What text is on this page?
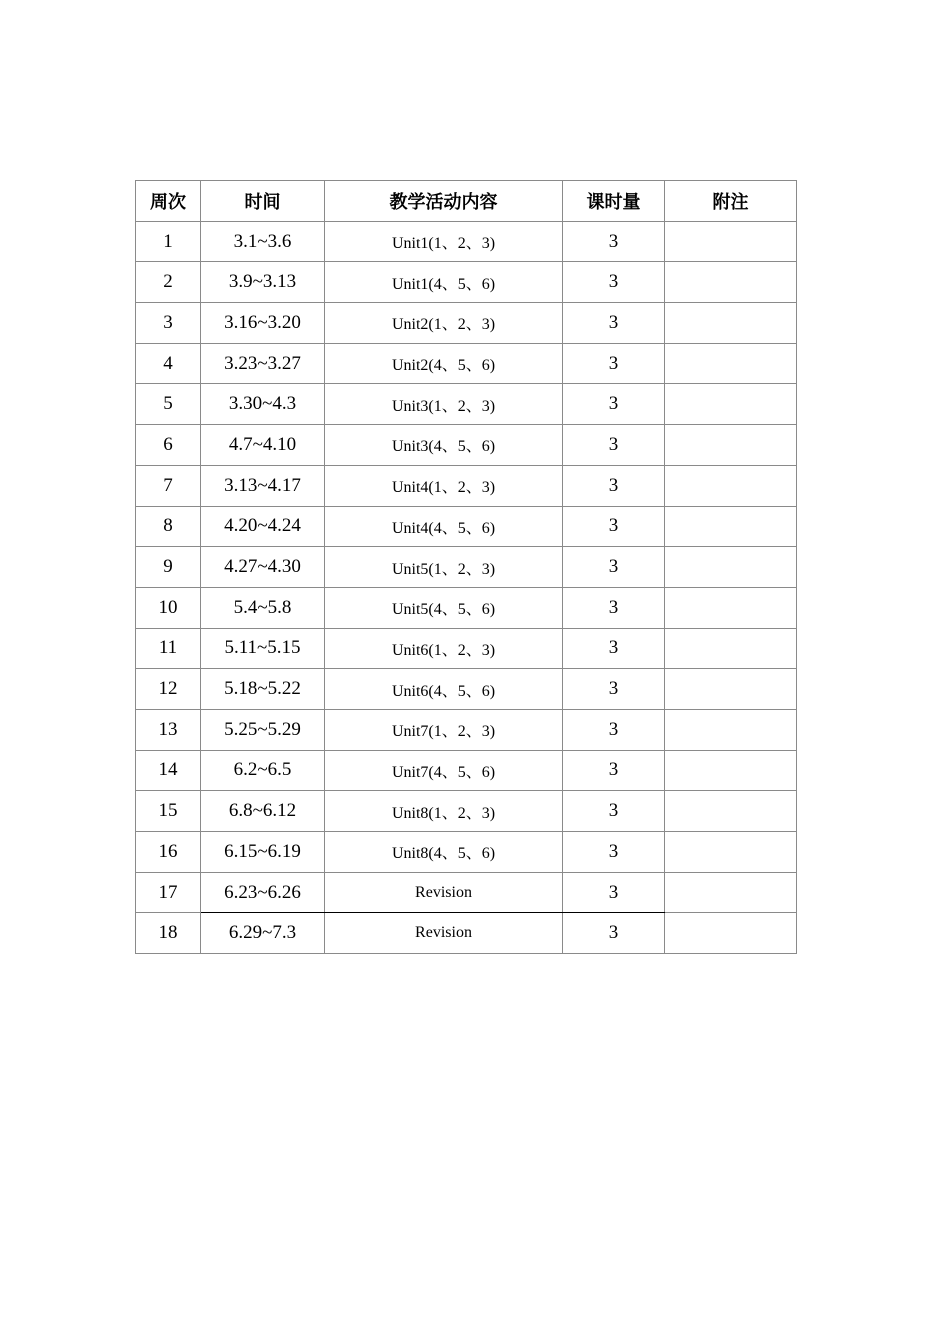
周次	时间	教学活动内容	课时量	附注
1	3.1~3.6	Unit1(1、2、3)	3	
2	3.9~3.13	Unit1(4、5、6)	3	
3	3.16~3.20	Unit2(1、2、3)	3	
4	3.23~3.27	Unit2(4、5、6)	3	
5	3.30~4.3	Unit3(1、2、3)	3	
6	4.7~4.10	Unit3(4、5、6)	3	
7	3.13~4.17	Unit4(1、2、3)	3	
8	4.20~4.24	Unit4(4、5、6)	3	
9	4.27~4.30	Unit5(1、2、3)	3	
10	5.4~5.8	Unit5(4、5、6)	3	
11	5.11~5.15	Unit6(1、2、3)	3	
12	5.18~5.22	Unit6(4、5、6)	3	
13	5.25~5.29	Unit7(1、2、3)	3	
14	6.2~6.5	Unit7(4、5、6)	3	
15	6.8~6.12	Unit8(1、2、3)	3	
16	6.15~6.19	Unit8(4、5、6)	3	
17	6.23~6.26	Revision	3	
18	6.29~7.3	Revision	3	
